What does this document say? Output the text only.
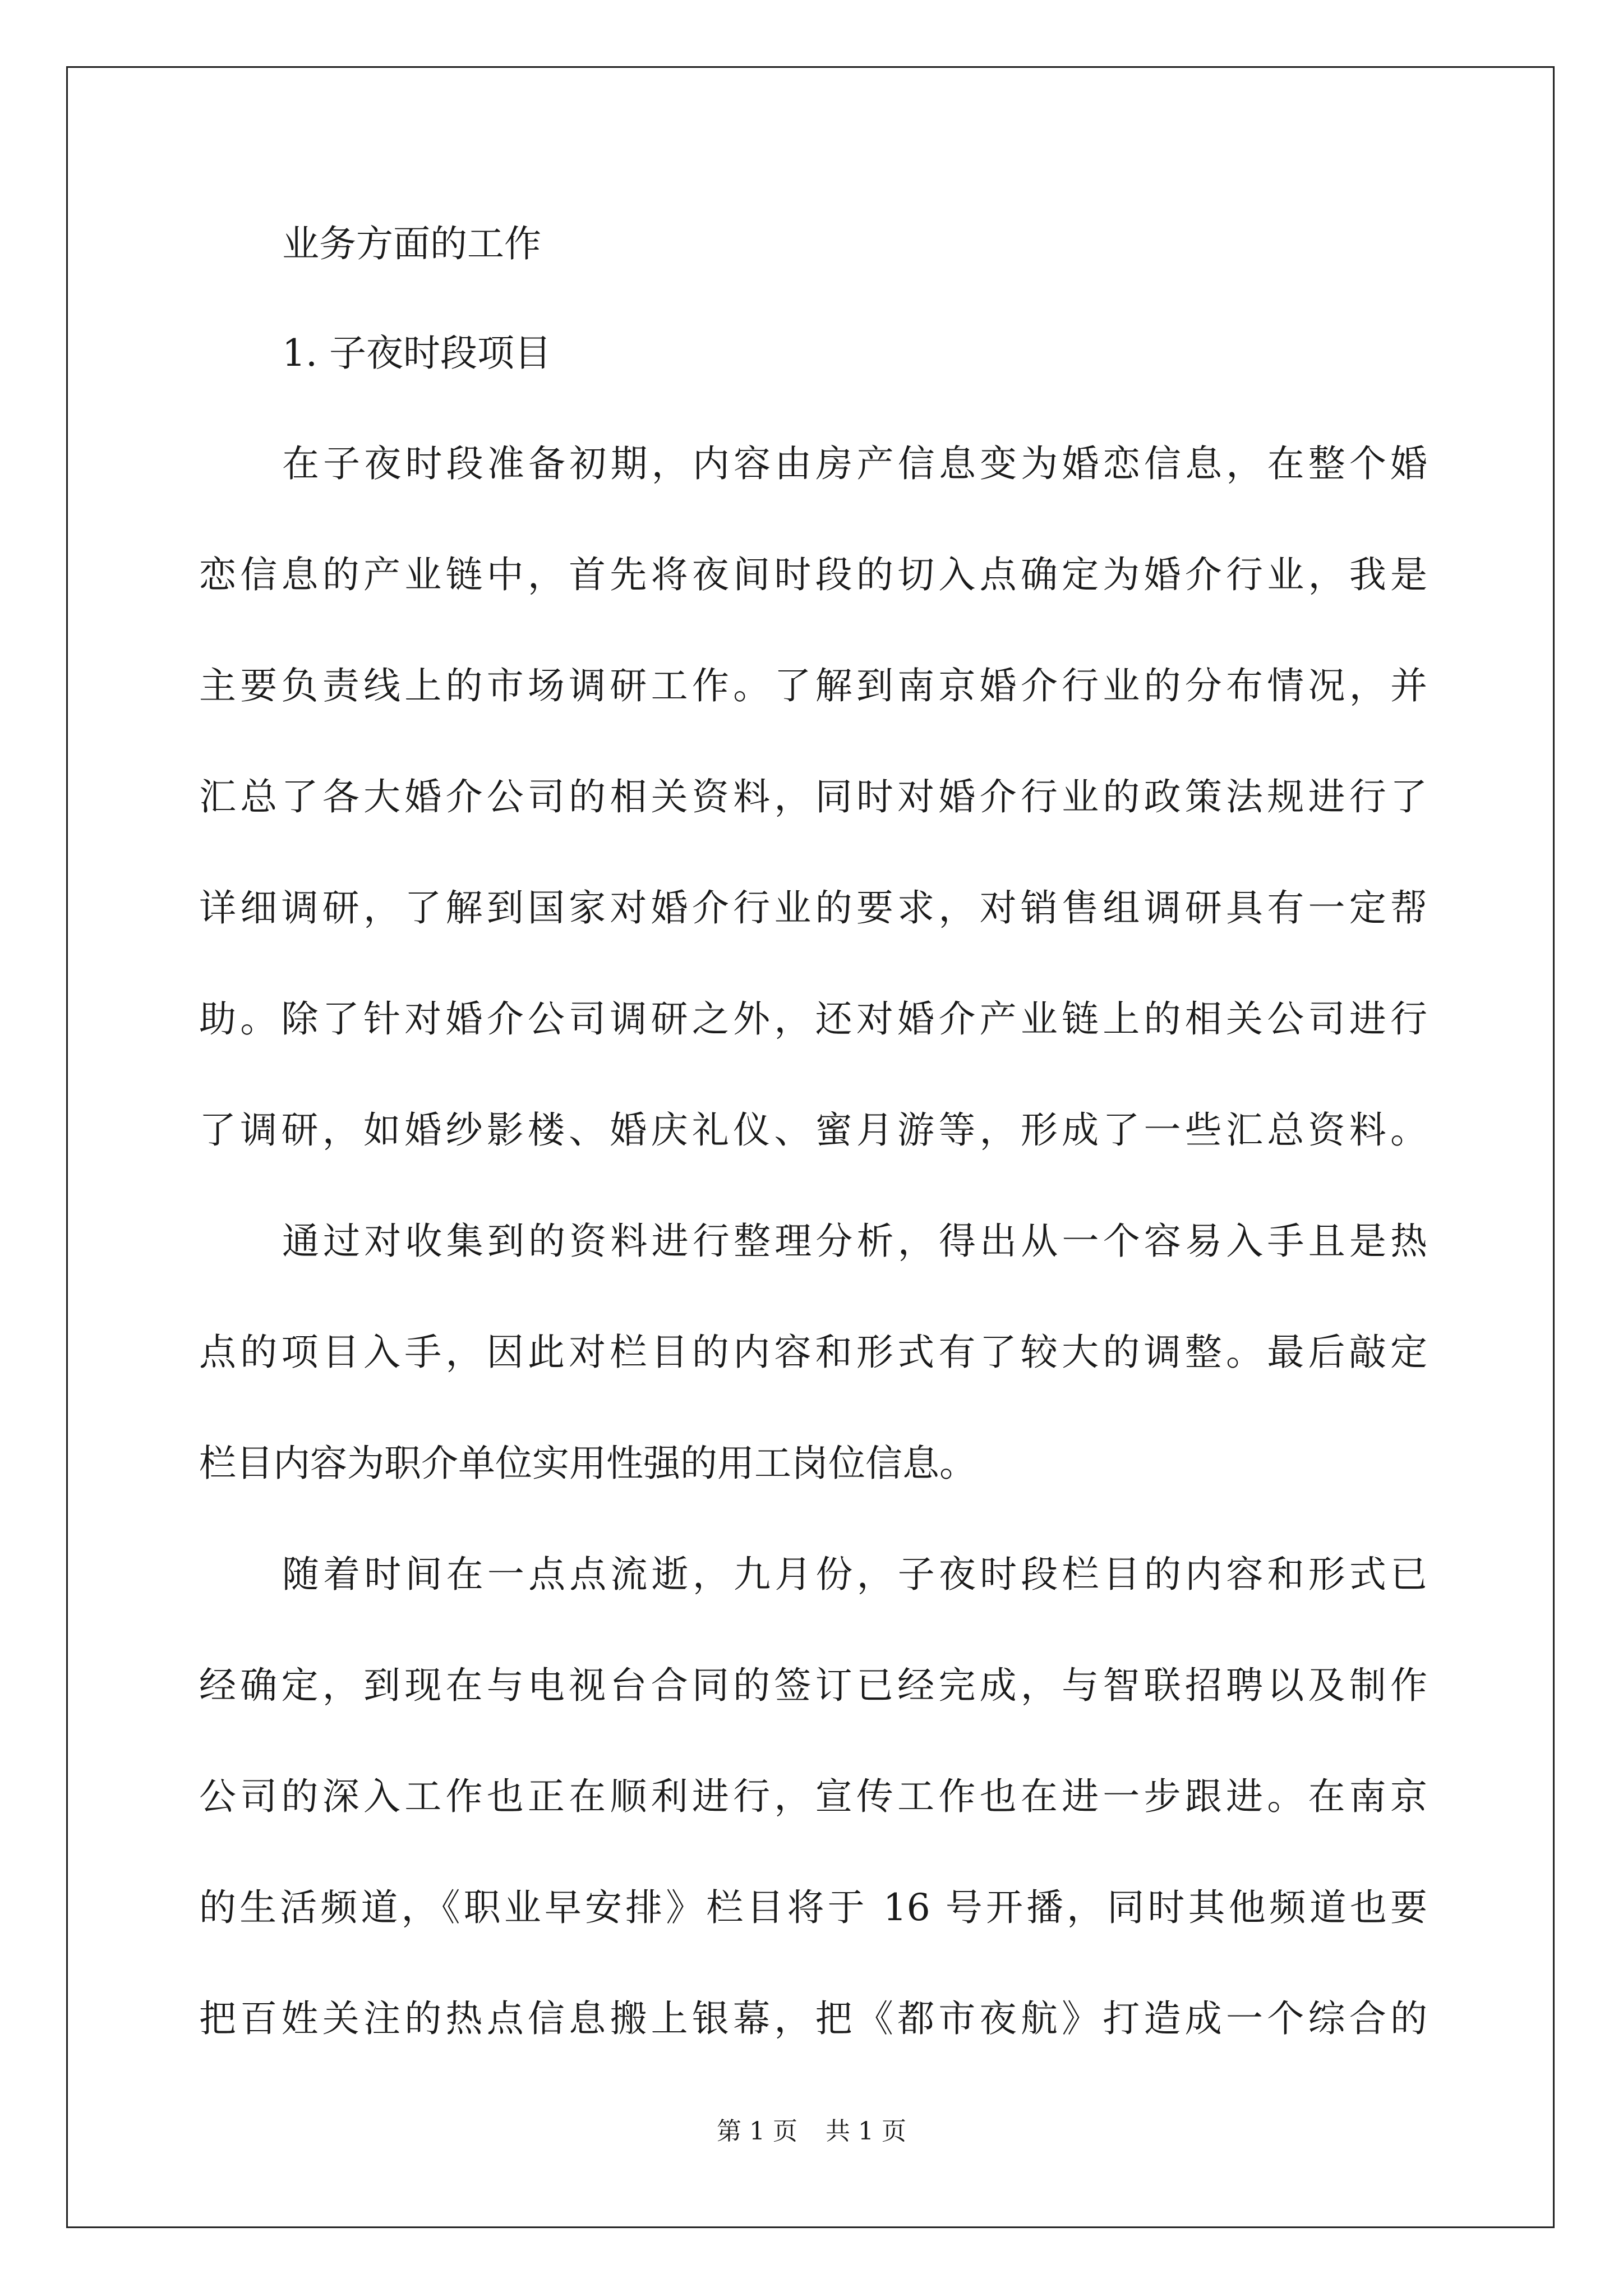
业务方面的工作
1. 子夜时段项目
在子夜时段准备初期，内容由房产信息变为婚恋信息，在整个婚
恋信息的产业链中，首先将夜间时段的切入点确定为婚介行业，我是
主要负责线上的市场调研工作。了解到南京婚介行业的分布情况，并
汇总了各大婚介公司的相关资料，同时对婚介行业的政策法规进行了
详细调研，了解到国家对婚介行业的要求，对销售组调研具有一定帮
助。除了针对婚介公司调研之外，还对婚介产业链上的相关公司进行
了调研，如婚纱影楼、婚庆礼仪、蜜月游等，形成了一些汇总资料。
通过对收集到的资料进行整理分析，得出从一个容易入手且是热
点的项目入手，因此对栏目的内容和形式有了较大的调整。最后敲定
栏目内容为职介单位实用性强的用工岗位信息。
随着时间在一点点流逝，九月份，子夜时段栏目的内容和形式已
经确定，到现在与电视台合同的签订已经完成，与智联招聘以及制作
公司的深入工作也正在顺利进行，宣传工作也在进一步跟进。在南京
的生活频道，《职业早安排》栏目将于 16 号开播，同时其他频道也要
把百姓关注的热点信息搬上银幕，把《都市夜航》打造成一个综合的
第 1 页 共 1 页
